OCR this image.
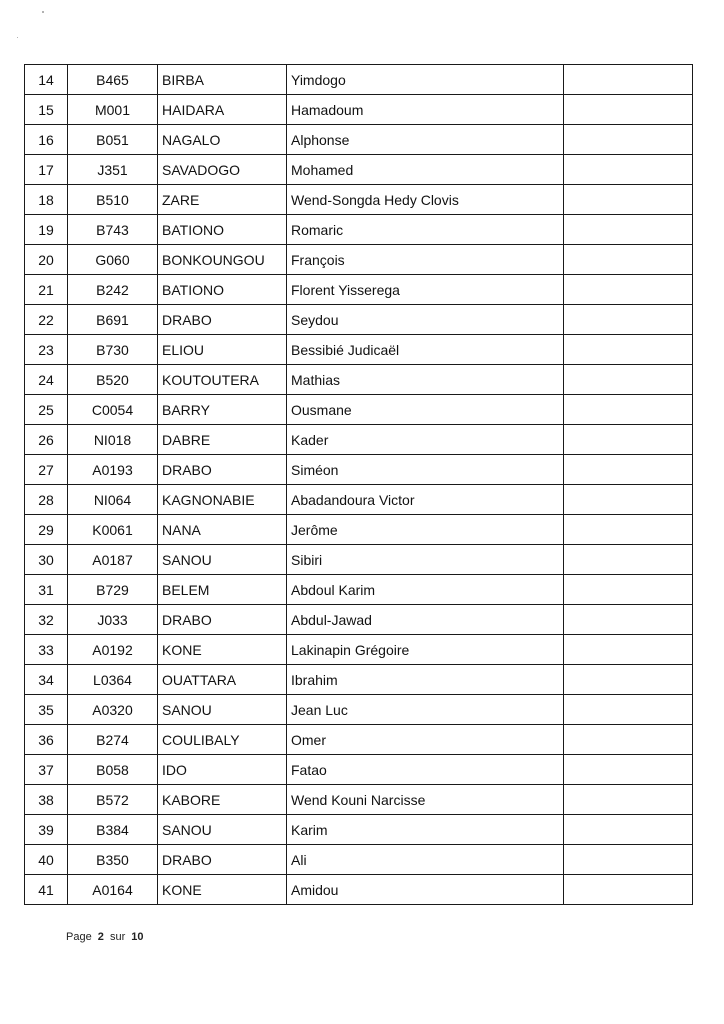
14	B465	BIRBA	Yimdogo	
15	M001	HAIDARA	Hamadoum	
16	B051	NAGALO	Alphonse	
17	J351	SAVADOGO	Mohamed	
18	B510	ZARE	Wend-Songda Hedy Clovis	
19	B743	BATIONO	Romaric	
20	G060	BONKOUNGOU	François	
21	B242	BATIONO	Florent Yisserega	
22	B691	DRABO	Seydou	
23	B730	ELIOU	Bessibié Judicaël	
24	B520	KOUTOUTERA	Mathias	
25	C0054	BARRY	Ousmane	
26	NI018	DABRE	Kader	
27	A0193	DRABO	Siméon	
28	NI064	KAGNONABIE	Abadandoura Victor	
29	K0061	NANA	Jerôme	
30	A0187	SANOU	Sibiri	
31	B729	BELEM	Abdoul Karim	
32	J033	DRABO	Abdul-Jawad	
33	A0192	KONE	Lakinapin Grégoire	
34	L0364	OUATTARA	Ibrahim	
35	A0320	SANOU	Jean Luc	
36	B274	COULIBALY	Omer	
37	B058	IDO	Fatao	
38	B572	KABORE	Wend Kouni Narcisse	
39	B384	SANOU	Karim	
40	B350	DRABO	Ali	
41	A0164	KONE	Amidou	
Page 2 sur 10
